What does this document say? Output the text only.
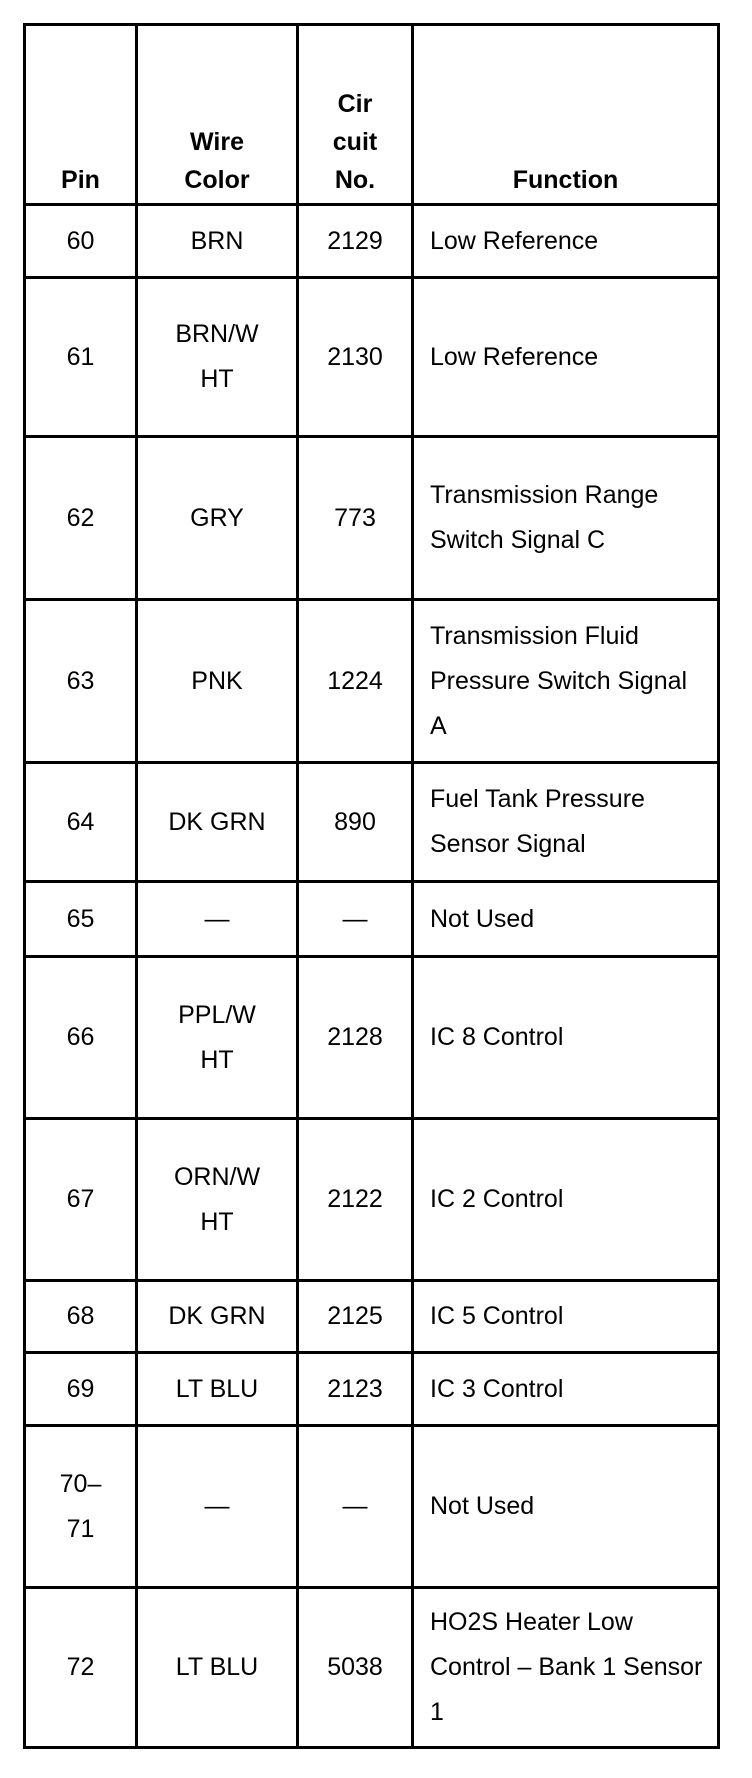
Pin	Wire Color	Cir cuit No.	Function
60	BRN	2129	Low Reference
61	BRN/W HT	2130	Low Reference
62	GRY	773	Transmission Range Switch Signal C
63	PNK	1224	Transmission Fluid Pressure Switch Signal A
64	DK GRN	890	Fuel Tank Pressure Sensor Signal
65	—	—	Not Used
66	PPL/W HT	2128	IC 8 Control
67	ORN/W HT	2122	IC 2 Control
68	DK GRN	2125	IC 5 Control
69	LT BLU	2123	IC 3 Control
70–71	—	—	Not Used
72	LT BLU	5038	HO2S Heater Low Control – Bank 1 Sensor 1
